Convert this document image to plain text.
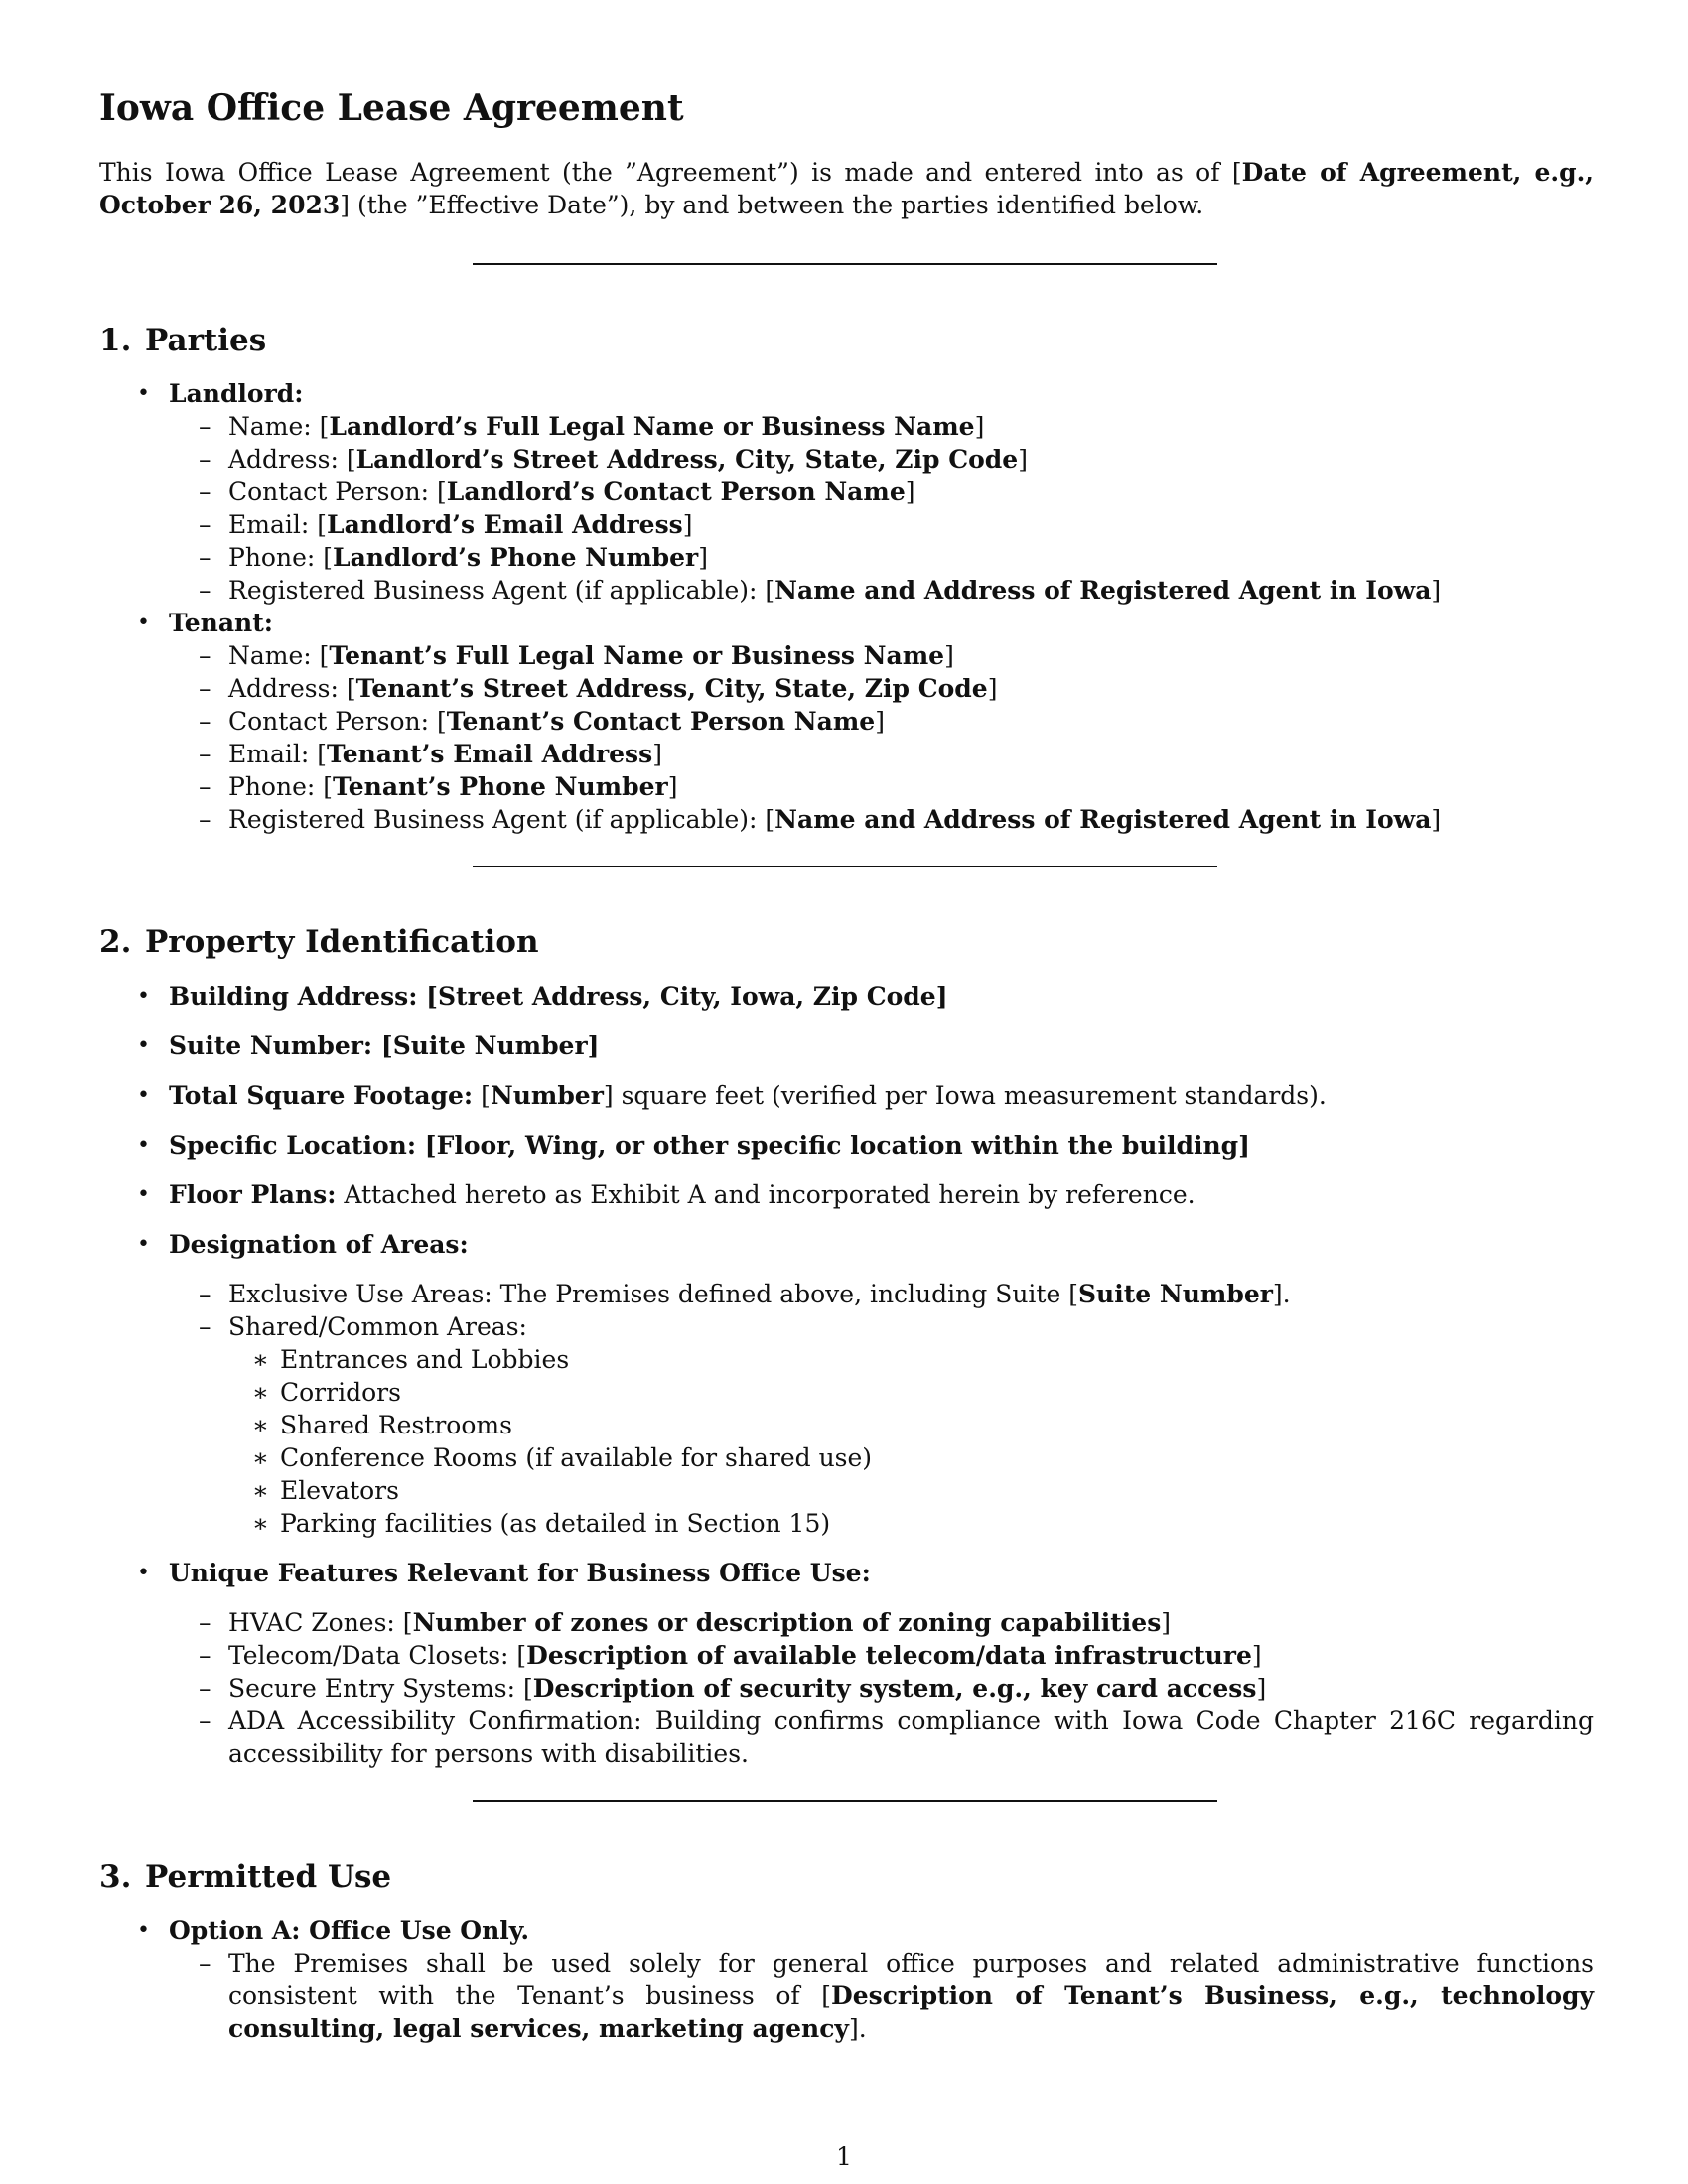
Iowa Office Lease Agreement

This Iowa Office Lease Agreement (the ”Agreement”) is made and entered into as of [Date of Agreement, e.g., October 26, 2023] (the ”Effective Date”), by and between the parties identified below.

1. Parties
• Landlord:
– Name: [Landlord’s Full Legal Name or Business Name]
– Address: [Landlord’s Street Address, City, State, Zip Code]
– Contact Person: [Landlord’s Contact Person Name]
– Email: [Landlord’s Email Address]
– Phone: [Landlord’s Phone Number]
– Registered Business Agent (if applicable): [Name and Address of Registered Agent in Iowa]
• Tenant:
– Name: [Tenant’s Full Legal Name or Business Name]
– Address: [Tenant’s Street Address, City, State, Zip Code]
– Contact Person: [Tenant’s Contact Person Name]
– Email: [Tenant’s Email Address]
– Phone: [Tenant’s Phone Number]
– Registered Business Agent (if applicable): [Name and Address of Registered Agent in Iowa]
2. Property Identification
• Building Address: [Street Address, City, Iowa, Zip Code]
• Suite Number: [Suite Number]
• Total Square Footage: [Number] square feet (verified per Iowa measurement standards).
• Specific Location: [Floor, Wing, or other specific location within the building]
• Floor Plans: Attached hereto as Exhibit A and incorporated herein by reference.
• Designation of Areas:
– Exclusive Use Areas: The Premises defined above, including Suite [Suite Number].
– Shared/Common Areas:
∗ Entrances and Lobbies
∗ Corridors
∗ Shared Restrooms
∗ Conference Rooms (if available for shared use)
∗ Elevators
∗ Parking facilities (as detailed in Section 15)
• Unique Features Relevant for Business Office Use:
– HVAC Zones: [Number of zones or description of zoning capabilities]
– Telecom/Data Closets: [Description of available telecom/data infrastructure]
– Secure Entry Systems: [Description of security system, e.g., key card access]
– ADA Accessibility Confirmation: Building confirms compliance with Iowa Code Chapter 216C regarding accessibility for persons with disabilities.
3. Permitted Use
• Option A: Office Use Only.
– The Premises shall be used solely for general office purposes and related administrative functions consistent with the Tenant’s business of [Description of Tenant’s Business, e.g., technology consulting, legal services, marketing agency].
1
